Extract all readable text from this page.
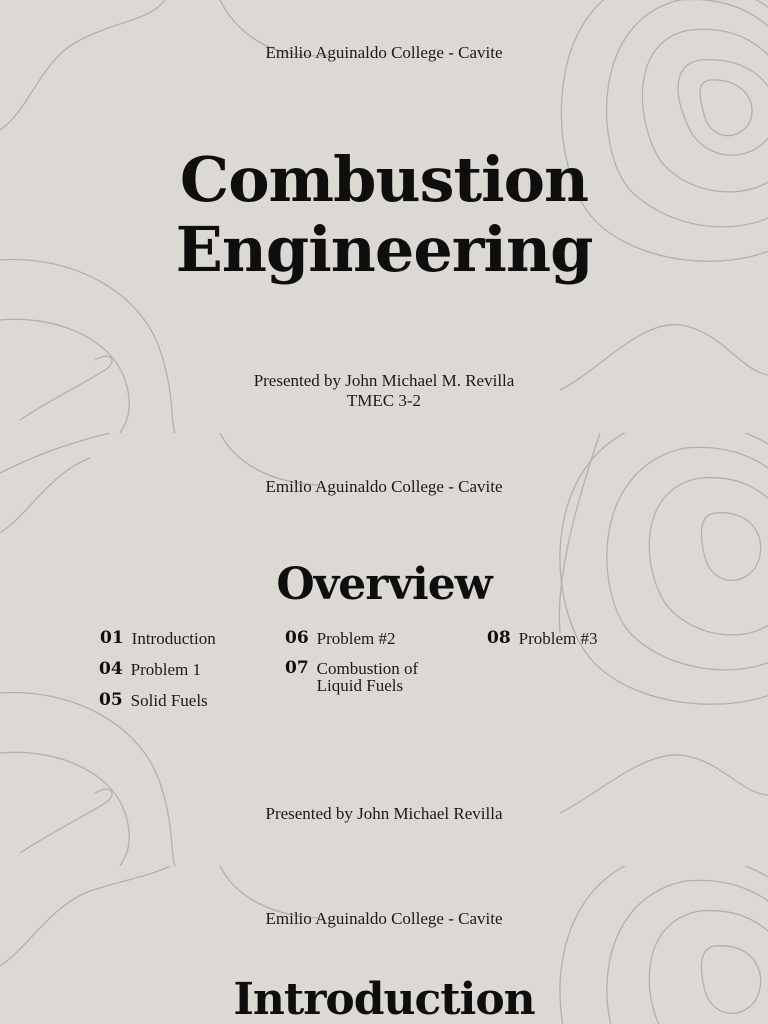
Emilio Aguinaldo College - Cavite
Combustion
Engineering
Presented by John Michael M. Revilla
TMEC 3-2
Emilio Aguinaldo College - Cavite
Overview
01 Introduction
04 Problem 1
05 Solid Fuels
06 Problem #2
07 Combustion of Liquid Fuels
08 Problem #3
Presented by John Michael Revilla
Emilio Aguinaldo College - Cavite
Introduction
